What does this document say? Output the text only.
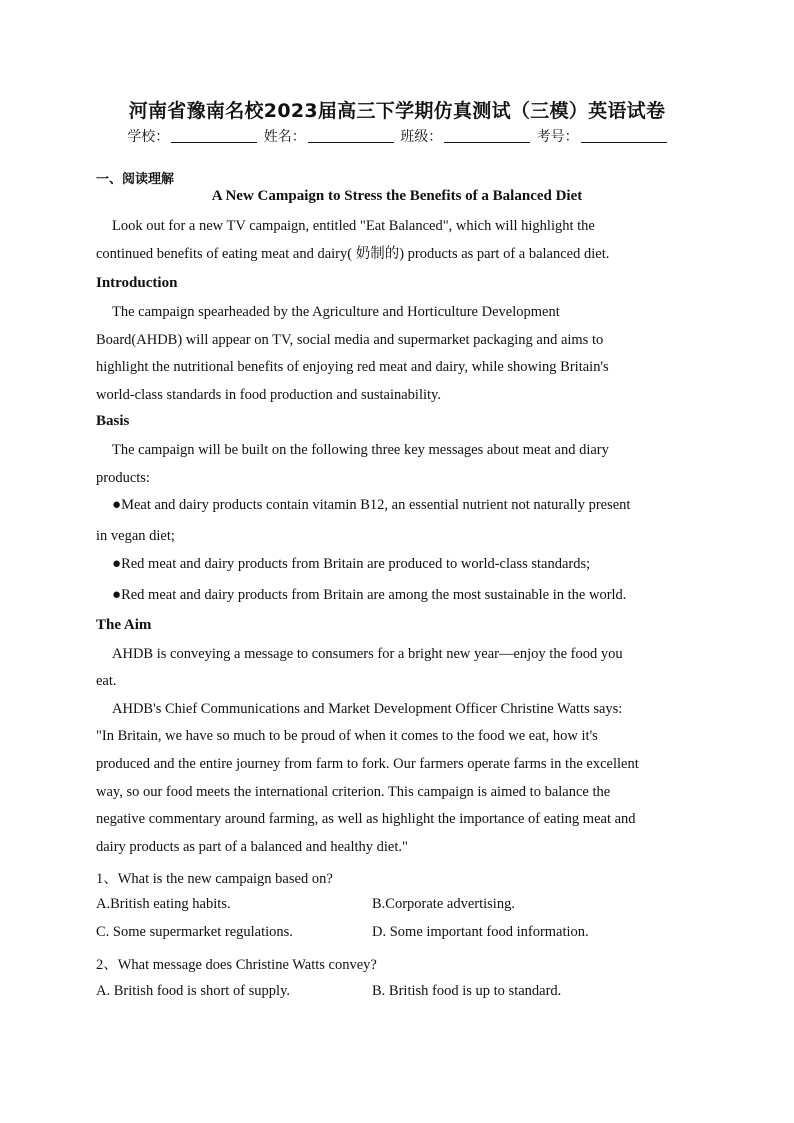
河南省豫南名校2023届高三下学期仿真测试（三模）英语试卷
学校：	姓名：	班级：	考号：
一、阅读理解
A New Campaign to Stress the Benefits of a Balanced Diet
Look out for a new TV campaign, entitled "Eat Balanced", which will highlight the
continued benefits of eating meat and dairy( 奶制的) products as part of a balanced diet.
Introduction
The campaign spearheaded by the Agriculture and Horticulture Development
Board(AHDB) will appear on TV, social media and supermarket packaging and aims to
highlight the nutritional benefits of enjoying red meat and dairy, while showing Britain's
world-class standards in food production and sustainability.
Basis
The campaign will be built on the following three key messages about meat and diary
products:
●Meat and dairy products contain vitamin B12, an essential nutrient not naturally present
in vegan diet;
●Red meat and dairy products from Britain are produced to world-class standards;
●Red meat and dairy products from Britain are among the most sustainable in the world.
The Aim
AHDB is conveying a message to consumers for a bright new year—enjoy the food you
eat.
AHDB's Chief Communications and Market Development Officer Christine Watts says:
"In Britain, we have so much to be proud of when it comes to the food we eat, how it's
produced and the entire journey from farm to fork. Our farmers operate farms in the excellent
way, so our food meets the international criterion. This campaign is aimed to balance the
negative commentary around farming, as well as highlight the importance of eating meat and
dairy products as part of a balanced and healthy diet."
1、What is the new campaign based on?
A.British eating habits.	B.Corporate advertising.
C. Some supermarket regulations.	D. Some important food information.
2、What message does Christine Watts convey?
A. British food is short of supply.	B. British food is up to standard.
